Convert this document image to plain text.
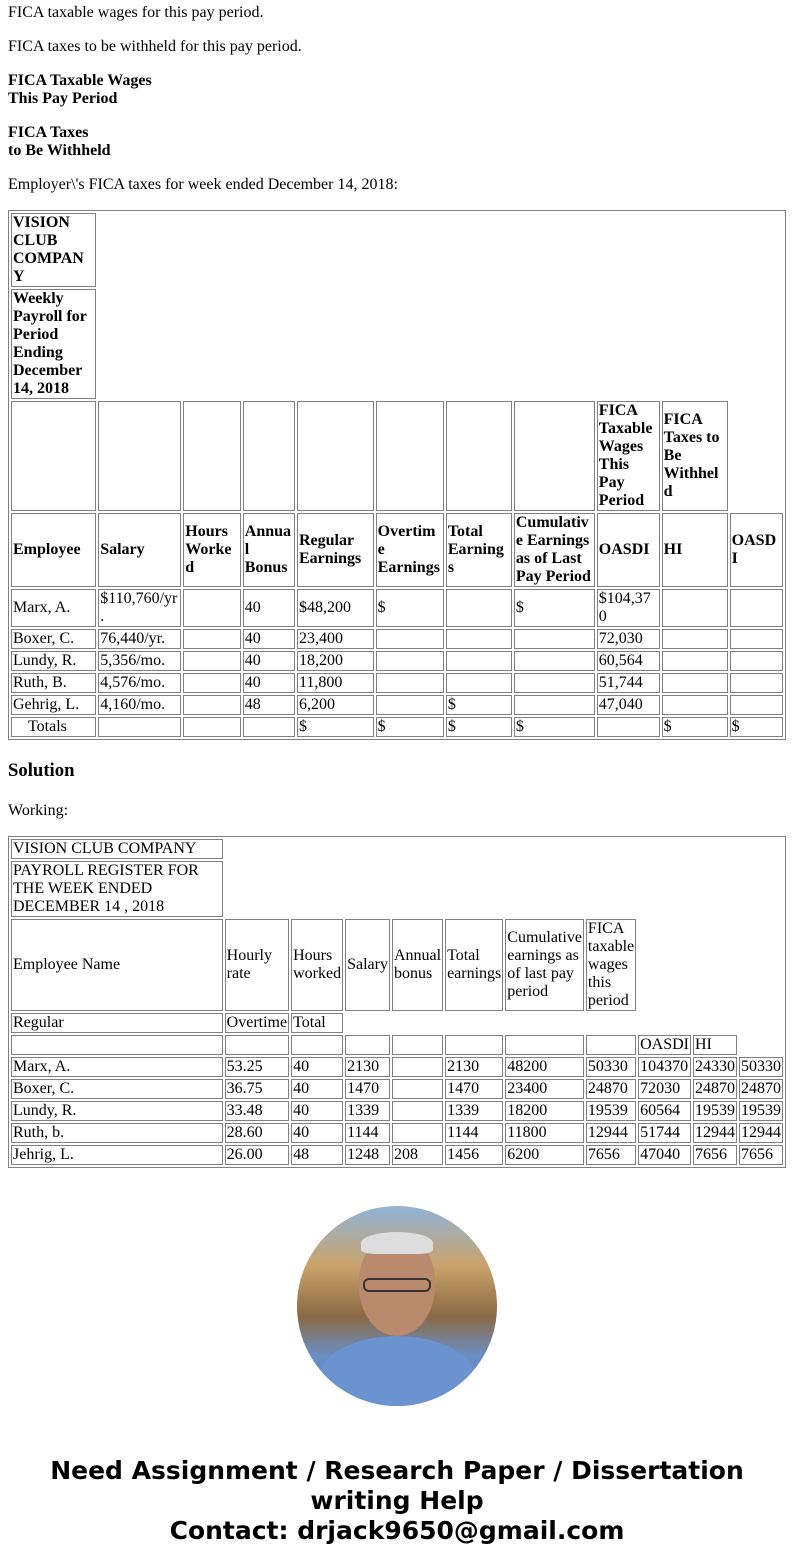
FICA taxable wages for this pay period.

FICA taxes to be withheld for this pay period.

FICA Taxable Wages
This Pay Period

FICA Taxes
to Be Withheld

Employer\'s FICA taxes for week ended December 14, 2018:

VISION CLUB COMPANY										
Weekly Payroll for Period Ending December 14, 2018										
								FICA Taxable Wages This Pay Period	FICA Taxes to Be Withheld	
Employee	Salary	Hours Worked	Annual Bonus	Regular Earnings	Overtime Earnings	Total Earnings	Cumulative Earnings as of Last Pay Period	OASDI	HI	OASDI
Marx, A.	$110,760/yr.		40	$48,200	$		$	$104,370		
Boxer, C.	76,440/yr.		40	23,400				72,030		
Lundy, R.	5,356/mo.		40	18,200				60,564		
Ruth, B.	4,576/mo.		40	11,800				51,744		
Gehrig, L.	4,160/mo.		48	6,200		$		47,040		
Totals				$	$	$	$		$	$
Solution

Working:

VISION CLUB COMPANY										
PAYROLL REGISTER FOR THE WEEK ENDED DECEMBER 14 , 2018										
Employee Name	Hourly rate	Hours worked	Salary	Annual bonus	Total earnings	Cumulative earnings as of last pay period	FICA taxable wages this period			
Regular	Overtime	Total								
								OASDI	HI	
Marx, A.	53.25	40	2130		2130	48200	50330	104370	24330	50330
Boxer, C.	36.75	40	1470		1470	23400	24870	72030	24870	24870
Lundy, R.	33.48	40	1339		1339	18200	19539	60564	19539	19539
Ruth, b.	28.60	40	1144		1144	11800	12944	51744	12944	12944
Jehrig, L.	26.00	48	1248	208	1456	6200	7656	47040	7656	7656
Need Assignment / Research Paper / Dissertation
writing Help
Contact: drjack9650@gmail.com
